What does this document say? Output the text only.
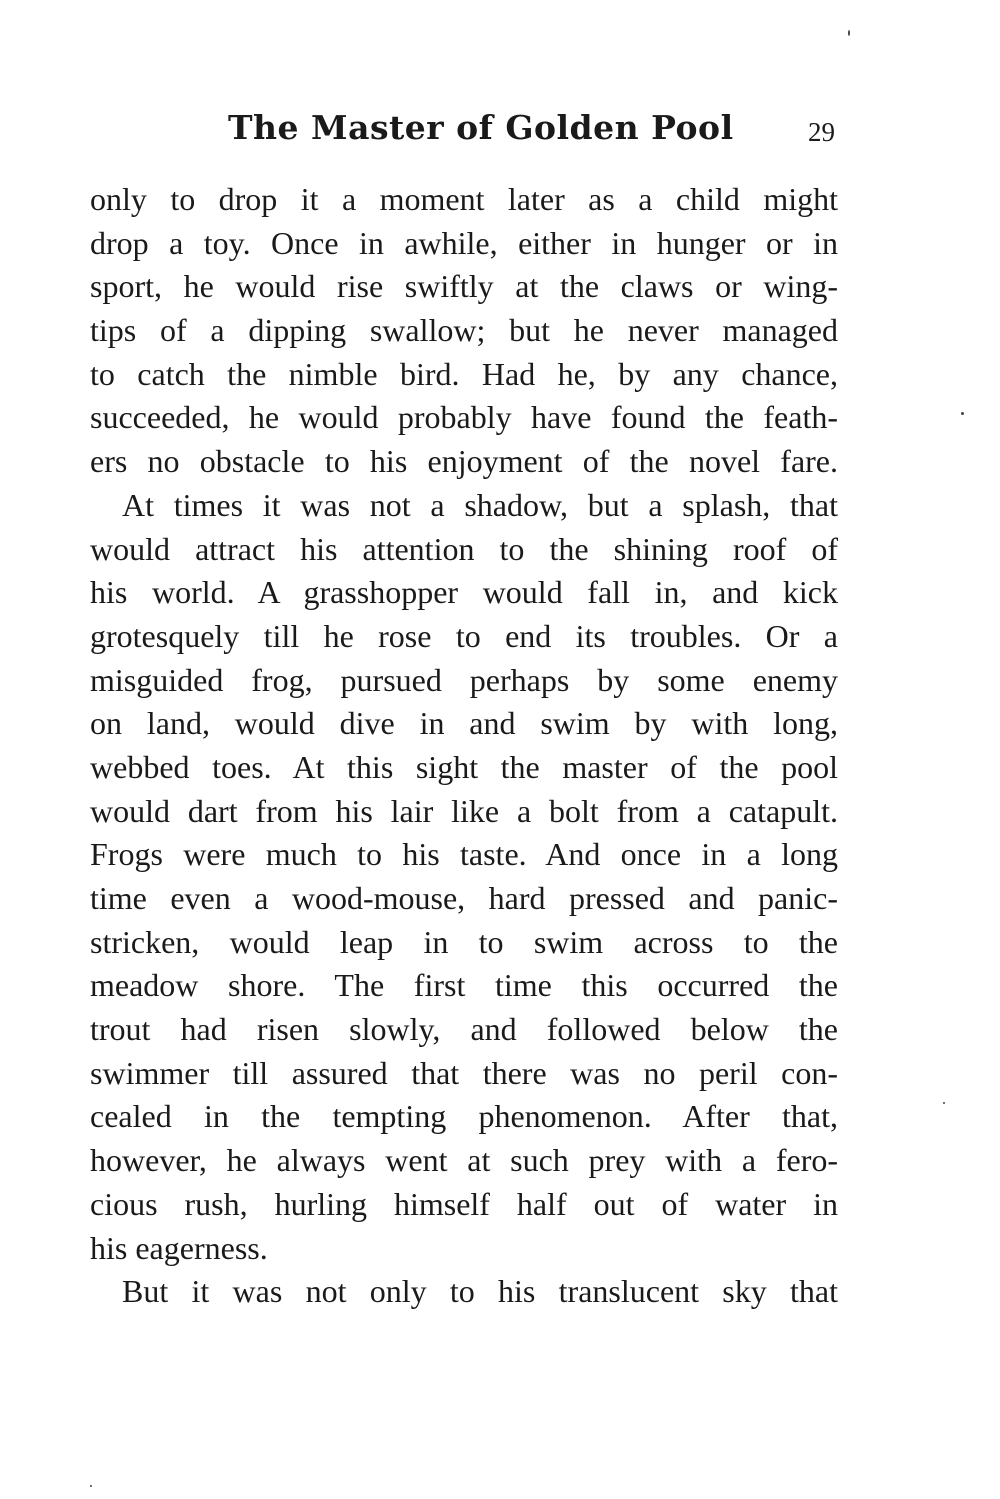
The Master of Golden Pool	29
only to drop it a moment later as a child might
drop a toy. Once in awhile, either in hunger or in
sport, he would rise swiftly at the claws or wing-
tips of a dipping swallow; but he never managed
to catch the nimble bird. Had he, by any chance,
succeeded, he would probably have found the feath-
ers no obstacle to his enjoyment of the novel fare.
At times it was not a shadow, but a splash, that
would attract his attention to the shining roof of
his world. A grasshopper would fall in, and kick
grotesquely till he rose to end its troubles. Or a
misguided frog, pursued perhaps by some enemy
on land, would dive in and swim by with long,
webbed toes. At this sight the master of the pool
would dart from his lair like a bolt from a catapult.
Frogs were much to his taste. And once in a long
time even a wood-mouse, hard pressed and panic-
stricken, would leap in to swim across to the
meadow shore. The first time this occurred the
trout had risen slowly, and followed below the
swimmer till assured that there was no peril con-
cealed in the tempting phenomenon. After that,
however, he always went at such prey with a fero-
cious rush, hurling himself half out of water in
his eagerness.
But it was not only to his translucent sky that
